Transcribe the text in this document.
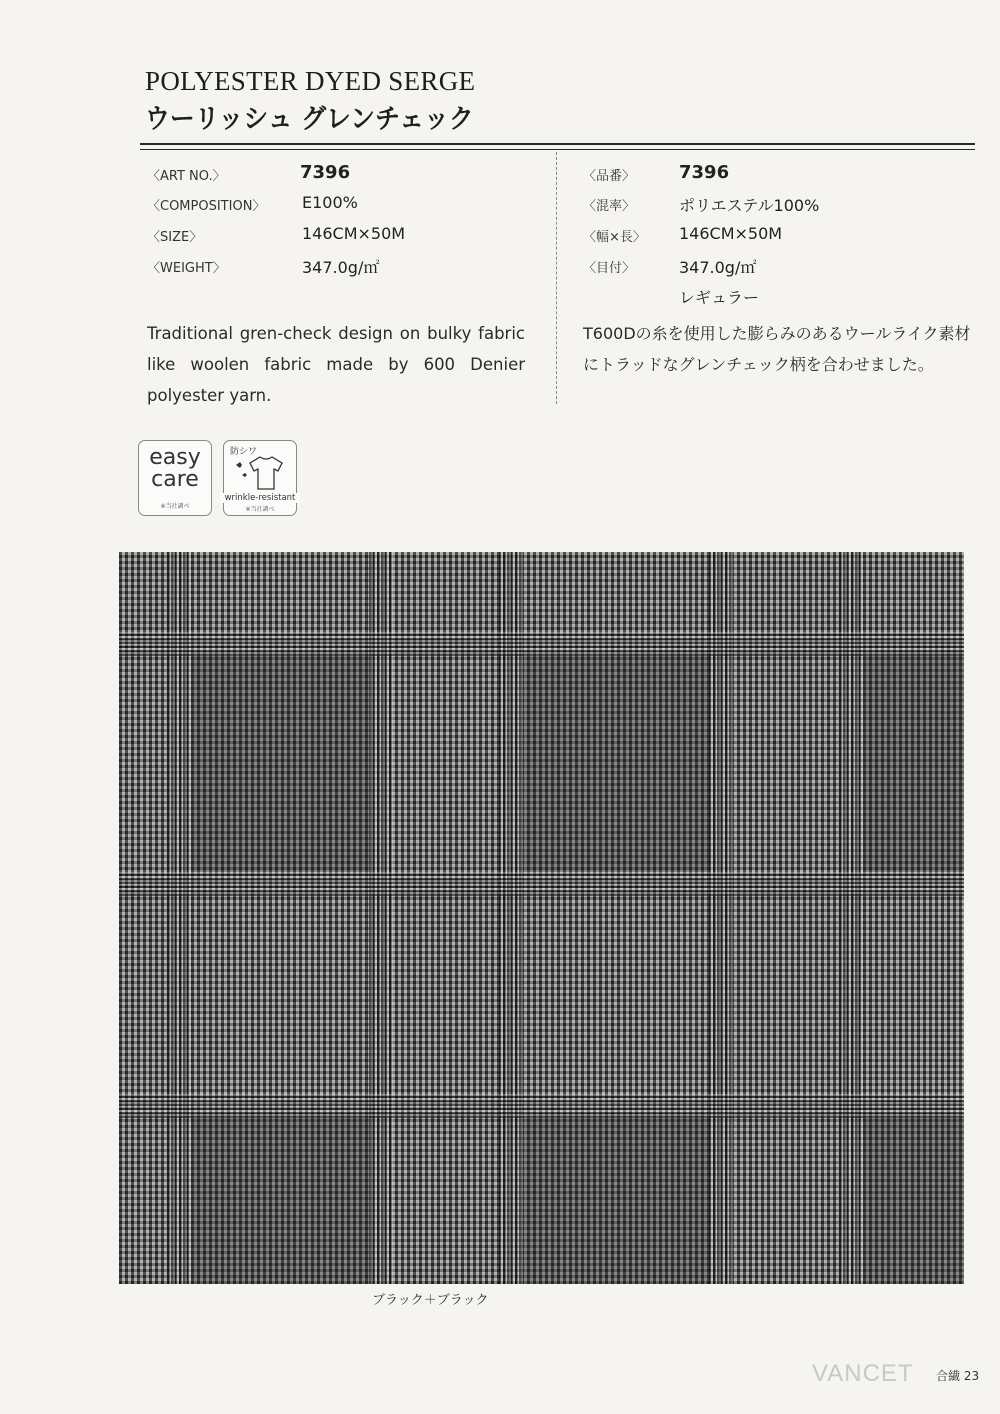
POLYESTER DYED SERGE
ウーリッシュ グレンチェック
〈ART NO.〉	7396
〈COMPOSITION〉 E100%
〈SIZE〉	146CM×50M
〈WEIGHT〉	347.0g/㎡
〈品番〉 7396
〈混率〉	ポリエステル100%
〈幅×長〉 146CM×50M
〈目付〉	347.0g/㎡
レギュラー
Traditional gren-check design on bulky fabric like woolen fabric made by 600 Denier polyester yarn.
T600Dの糸を使用した膨らみのあるウールライク素材にトラッドなグレンチェック柄を合わせました。
easy
care
※当社調べ
防シワ
wrinkle-resistant
※当社調べ
ブラック＋ブラック
VANCET 合繊 23
